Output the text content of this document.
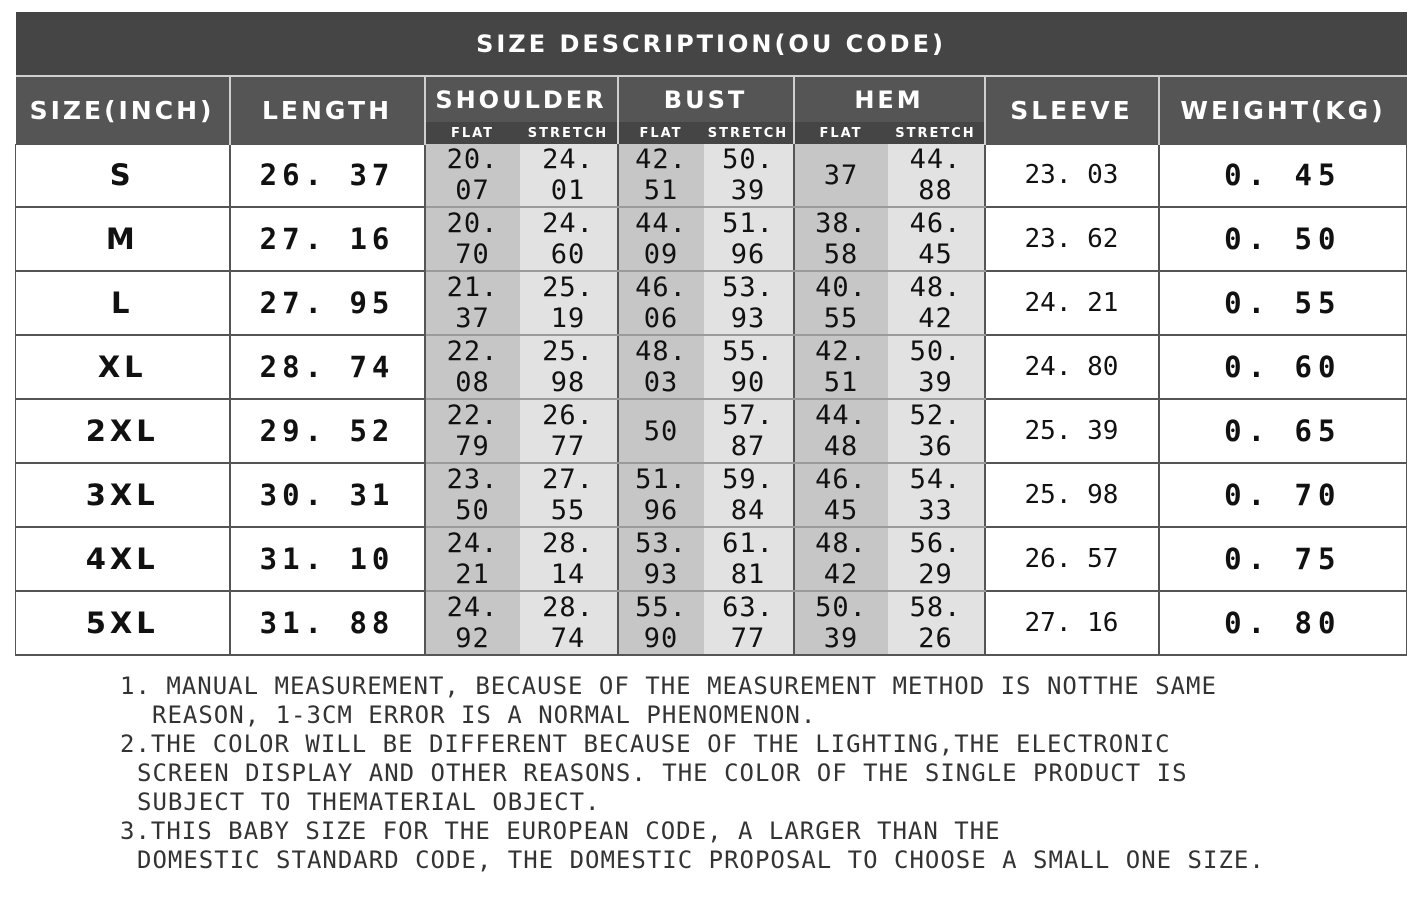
SIZE DESCRIPTION(OU CODE)									
SIZE(INCH)	LENGTH	SHOULDER		BUST		HEM		SLEEVE	WEIGHT(KG)
		FLAT	STRETCH	FLAT	STRETCH	FLAT	STRETCH		
S	26. 37	20. 07	24. 01	42. 51	50. 39	37	44. 88	23. 03	0. 45
M	27. 16	20. 70	24. 60	44. 09	51. 96	38. 58	46. 45	23. 62	0. 50
L	27. 95	21. 37	25. 19	46. 06	53. 93	40. 55	48. 42	24. 21	0. 55
XL	28. 74	22. 08	25. 98	48. 03	55. 90	42. 51	50. 39	24. 80	0. 60
2XL	29. 52	22. 79	26. 77	50	57. 87	44. 48	52. 36	25. 39	0. 65
3XL	30. 31	23. 50	27. 55	51. 96	59. 84	46. 45	54. 33	25. 98	0. 70
4XL	31. 10	24. 21	28. 14	53. 93	61. 81	48. 42	56. 29	26. 57	0. 75
5XL	31. 88	24. 92	28. 74	55. 90	63. 77	50. 39	58. 26	27. 16	0. 80
1. MANUAL MEASUREMENT, BECAUSE OF THE MEASUREMENT METHOD IS NOTTHE SAME
REASON, 1-3CM ERROR IS A NORMAL PHENOMENON.
2.THE COLOR WILL BE DIFFERENT BECAUSE OF THE LIGHTING,THE ELECTRONIC
SCREEN DISPLAY AND OTHER REASONS. THE COLOR OF THE SINGLE PRODUCT IS
SUBJECT TO THEMATERIAL OBJECT.
3.THIS BABY SIZE FOR THE EUROPEAN CODE, A LARGER THAN THE
DOMESTIC STANDARD CODE, THE DOMESTIC PROPOSAL TO CHOOSE A SMALL ONE SIZE.
